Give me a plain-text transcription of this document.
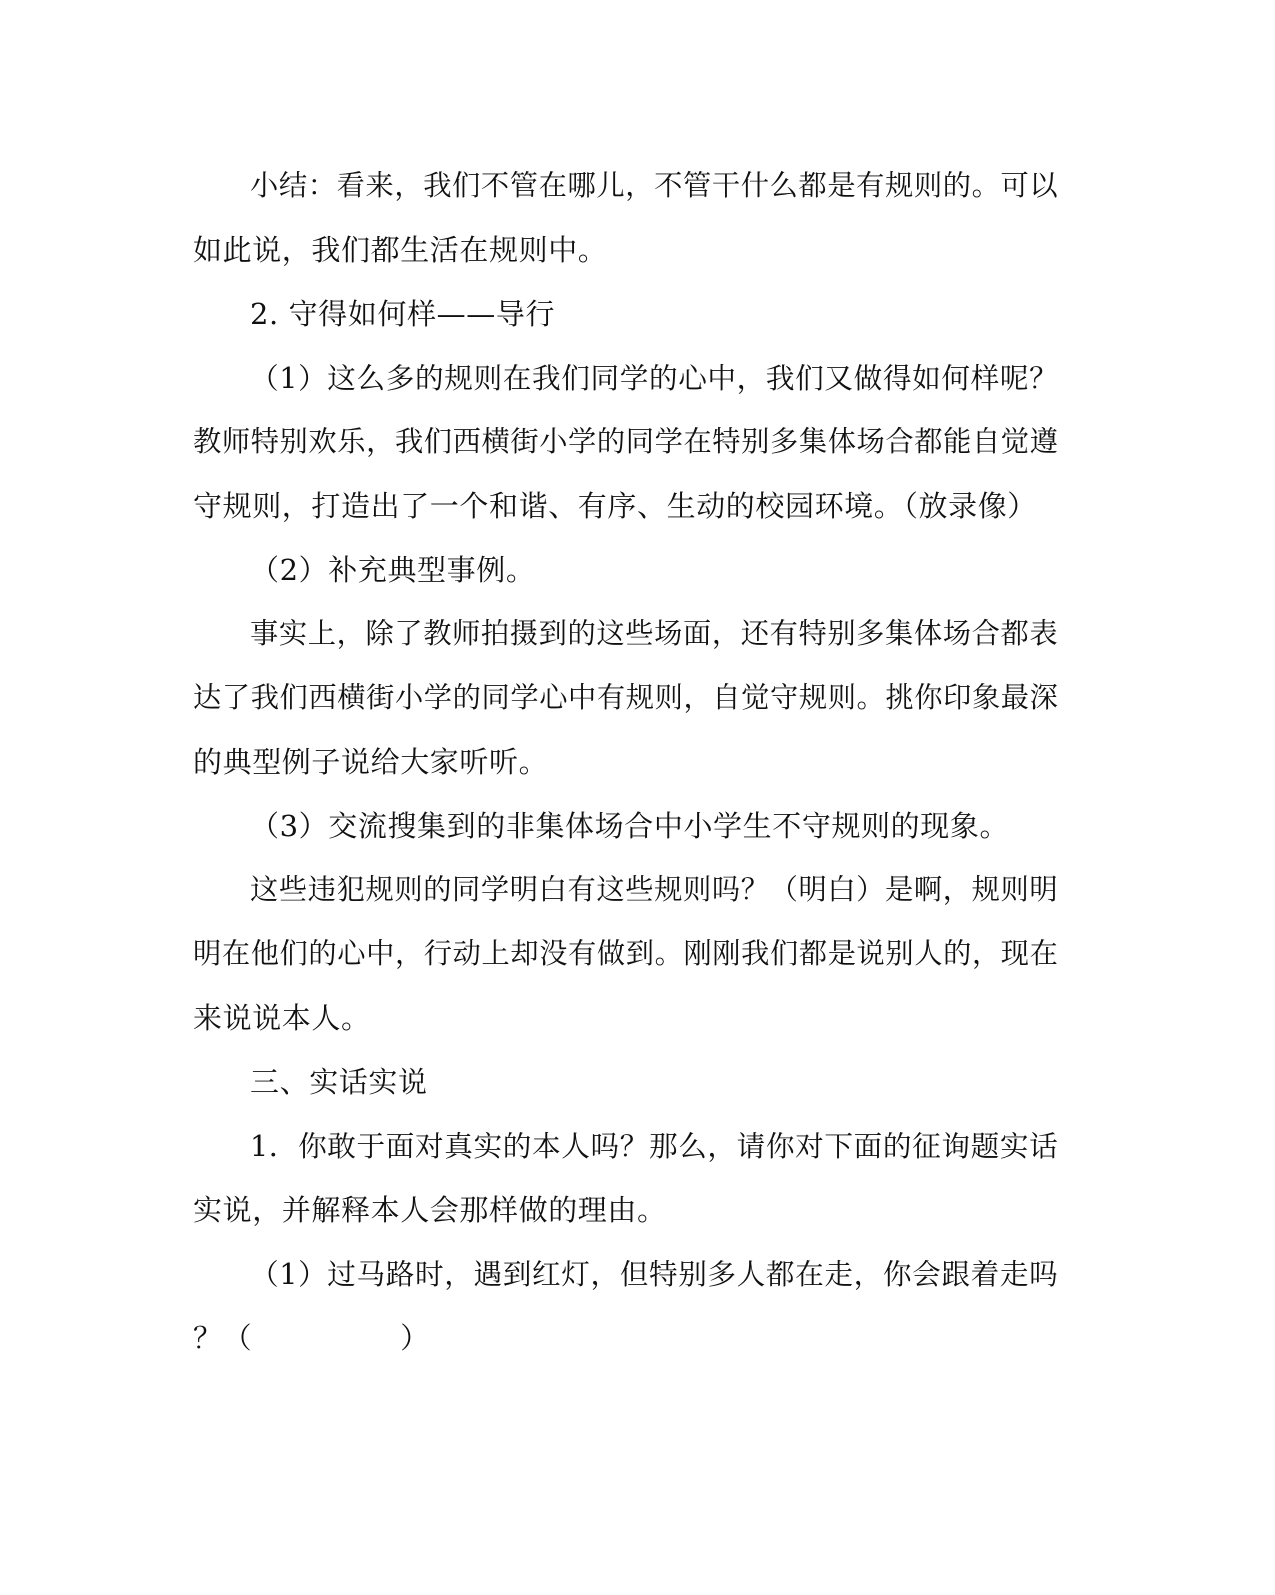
小结：看来，我们不管在哪儿，不管干什么都是有规则的。可以
如此说，我们都生活在规则中。
2. 守得如何样——导行
（1）这么多的规则在我们同学的心中，我们又做得如何样呢？
教师特别欢乐，我们西横街小学的同学在特别多集体场合都能自觉遵
守规则，打造出了一个和谐、有序、生动的校园环境。（放录像）
（2）补充典型事例。
事实上，除了教师拍摄到的这些场面，还有特别多集体场合都表
达了我们西横街小学的同学心中有规则，自觉守规则。挑你印象最深
的典型例子说给大家听听。
（3）交流搜集到的非集体场合中小学生不守规则的现象。
这些违犯规则的同学明白有这些规则吗？（明白）是啊，规则明
明在他们的心中，行动上却没有做到。刚刚我们都是说别人的，现在
来说说本人。
三、实话实说
1．你敢于面对真实的本人吗？那么，请你对下面的征询题实话
实说，并解释本人会那样做的理由。
（1）过马路时，遇到红灯，但特别多人都在走，你会跟着走吗
？（　　　　　）
